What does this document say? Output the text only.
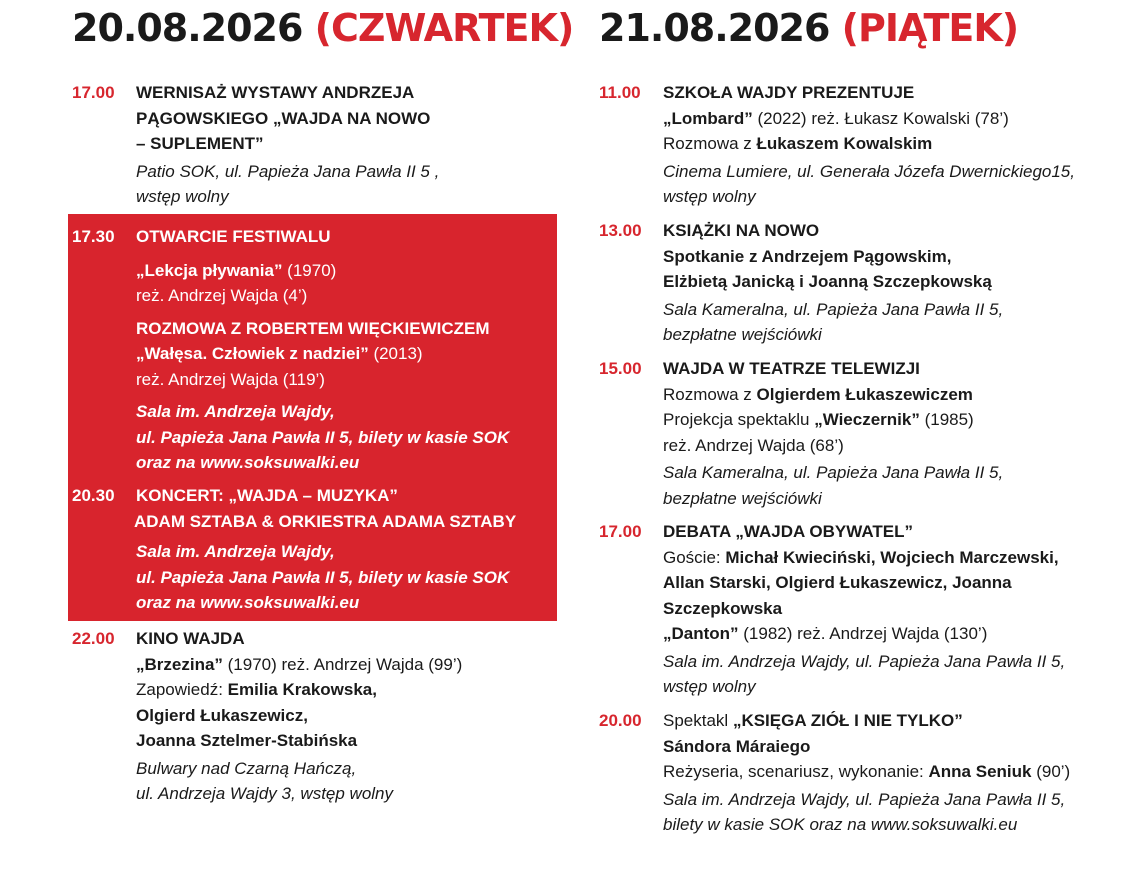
20.08.2026 (CZWARTEK)
17.00 WERNISAŻ WYSTAWY ANDRZEJA
PĄGOWSKIEGO „WAJDA NA NOWO
– SUPLEMENT”
Patio SOK, ul. Papieża Jana Pawła II 5 ,
wstęp wolny
17.30 OTWARCIE FESTIWALU
„Lekcja pływania” (1970)
reż. Andrzej Wajda (4’)
ROZMOWA Z ROBERTEM WIĘCKIEWICZEM
„Wałęsa. Człowiek z nadziei” (2013)
reż. Andrzej Wajda (119’)
Sala im. Andrzeja Wajdy,
ul. Papieża Jana Pawła II 5, bilety w kasie SOK
oraz na www.soksuwalki.eu
20.30 KONCERT: „WAJDA – MUZYKA”
ADAM SZTABA & ORKIESTRA ADAMA SZTABY
Sala im. Andrzeja Wajdy,
ul. Papieża Jana Pawła II 5, bilety w kasie SOK
oraz na www.soksuwalki.eu
22.00 KINO WAJDA
„Brzezina” (1970) reż. Andrzej Wajda (99’)
Zapowiedź: Emilia Krakowska,
Olgierd Łukaszewicz,
Joanna Sztelmer-Stabińska
Bulwary nad Czarną Hańczą,
ul. Andrzeja Wajdy 3, wstęp wolny
21.08.2026 (PIĄTEK)
11.00 SZKOŁA WAJDY PREZENTUJE
„Lombard” (2022) reż. Łukasz Kowalski (78’)
Rozmowa z Łukaszem Kowalskim
Cinema Lumiere, ul. Generała Józefa Dwernickiego15,
wstęp wolny
13.00 KSIĄŻKI NA NOWO
Spotkanie z Andrzejem Pągowskim,
Elżbietą Janicką i Joanną Szczepkowską
Sala Kameralna, ul. Papieża Jana Pawła II 5,
bezpłatne wejściówki
15.00 WAJDA W TEATRZE TELEWIZJI
Rozmowa z Olgierdem Łukaszewiczem
Projekcja spektaklu „Wieczernik” (1985)
reż. Andrzej Wajda (68’)
Sala Kameralna, ul. Papieża Jana Pawła II 5,
bezpłatne wejściówki
17.00 DEBATA „WAJDA OBYWATEL”
Goście: Michał Kwieciński, Wojciech Marczewski,
Allan Starski, Olgierd Łukaszewicz, Joanna
Szczepkowska
„Danton” (1982) reż. Andrzej Wajda (130’)
Sala im. Andrzeja Wajdy, ul. Papieża Jana Pawła II 5,
wstęp wolny
20.00 Spektakl „KSIĘGA ZIÓŁ I NIE TYLKO”
Sándora Máraiego
Reżyseria, scenariusz, wykonanie: Anna Seniuk (90’)
Sala im. Andrzeja Wajdy, ul. Papieża Jana Pawła II 5,
bilety w kasie SOK oraz na www.soksuwalki.eu
